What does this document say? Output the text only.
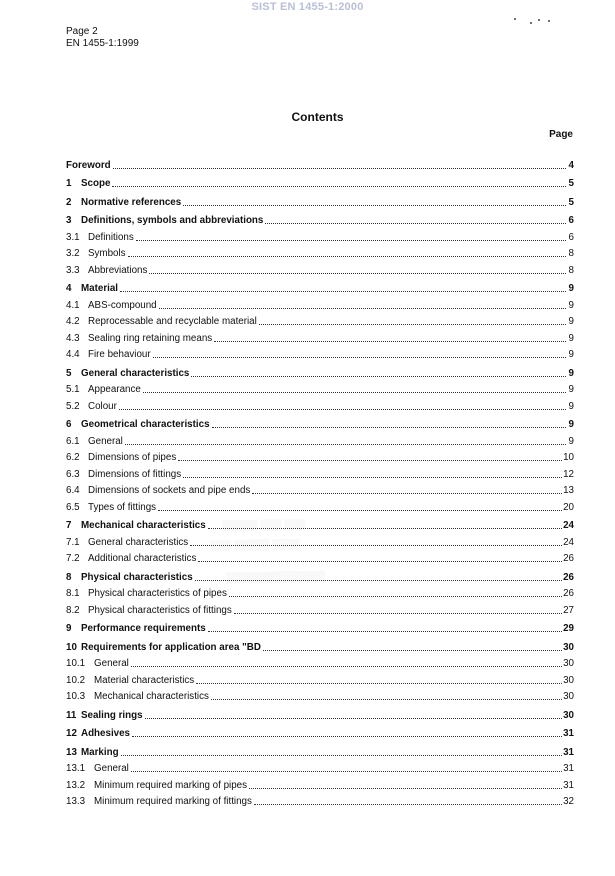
SIST EN 1455-1:2000
Page 2
EN 1455-1:1999
Contents
Page
Foreword	4
1 Scope	5
2 Normative references	5
3 Definitions, symbols and abbreviations	6
3.1 Definitions	6
3.2 Symbols	8
3.3 Abbreviations	8
4 Material	9
4.1 ABS-compound	9
4.2 Reprocessable and recyclable material	9
4.3 Sealing ring retaining means	9
4.4 Fire behaviour	9
5 General characteristics	9
5.1 Appearance	9
5.2 Colour	9
6 Geometrical characteristics	9
6.1 General	9
6.2 Dimensions of pipes	10
6.3 Dimensions of fittings	12
6.4 Dimensions of sockets and pipe ends	13
6.5 Types of fittings	20
7 Mechanical characteristics	24
7.1 General characteristics	24
7.2 Additional characteristics	26
8 Physical characteristics	26
8.1 Physical characteristics of pipes	26
8.2 Physical characteristics of fittings	27
9 Performance requirements	29
10 Requirements for application area "BD	30
10.1 General	30
10.2 Material characteristics	30
10.3 Mechanical characteristics	30
11 Sealing rings	30
12 Adhesives	31
13 Marking	31
13.1 General	31
13.2 Minimum required marking of pipes	31
13.3 Minimum required marking of fittings	32
▒▒▒▒▒ ▒▒▒ ▒▒▒
▒▒▒ ▒▒▒▒▒ ▒▒▒▒
▒▒▒▒▒▒▒▒▒▒▒▒▒▒
